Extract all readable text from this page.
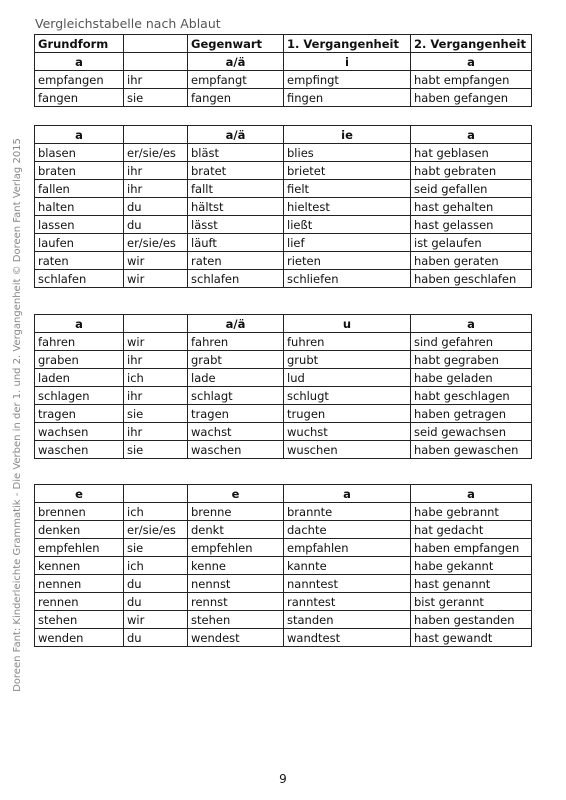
Vergleichstabelle nach Ablaut
Doreen Fant: Kinderleichte Grammatik - Die Verben in der 1. und 2. Vergangenheit © Doreen Fant Verlag 2015
Grundform		Gegenwart	1. Vergangenheit	2. Vergangenheit
a		a/ä	i	a
empfangen	ihr	empfangt	empfingt	habt empfangen
fangen	sie	fangen	fingen	haben gefangen
a		a/ä	ie	a
blasen	er/sie/es	bläst	blies	hat geblasen
braten	ihr	bratet	brietet	habt gebraten
fallen	ihr	fallt	fielt	seid gefallen
halten	du	hältst	hieltest	hast gehalten
lassen	du	lässt	ließt	hast gelassen
laufen	er/sie/es	läuft	lief	ist gelaufen
raten	wir	raten	rieten	haben geraten
schlafen	wir	schlafen	schliefen	haben geschlafen
a		a/ä	u	a
fahren	wir	fahren	fuhren	sind gefahren
graben	ihr	grabt	grubt	habt gegraben
laden	ich	lade	lud	habe geladen
schlagen	ihr	schlagt	schlugt	habt geschlagen
tragen	sie	tragen	trugen	haben getragen
wachsen	ihr	wachst	wuchst	seid gewachsen
waschen	sie	waschen	wuschen	haben gewaschen
e		e	a	a
brennen	ich	brenne	brannte	habe gebrannt
denken	er/sie/es	denkt	dachte	hat gedacht
empfehlen	sie	empfehlen	empfahlen	haben empfangen
kennen	ich	kenne	kannte	habe gekannt
nennen	du	nennst	nanntest	hast genannt
rennen	du	rennst	ranntest	bist gerannt
stehen	wir	stehen	standen	haben gestanden
wenden	du	wendest	wandtest	hast gewandt
9
